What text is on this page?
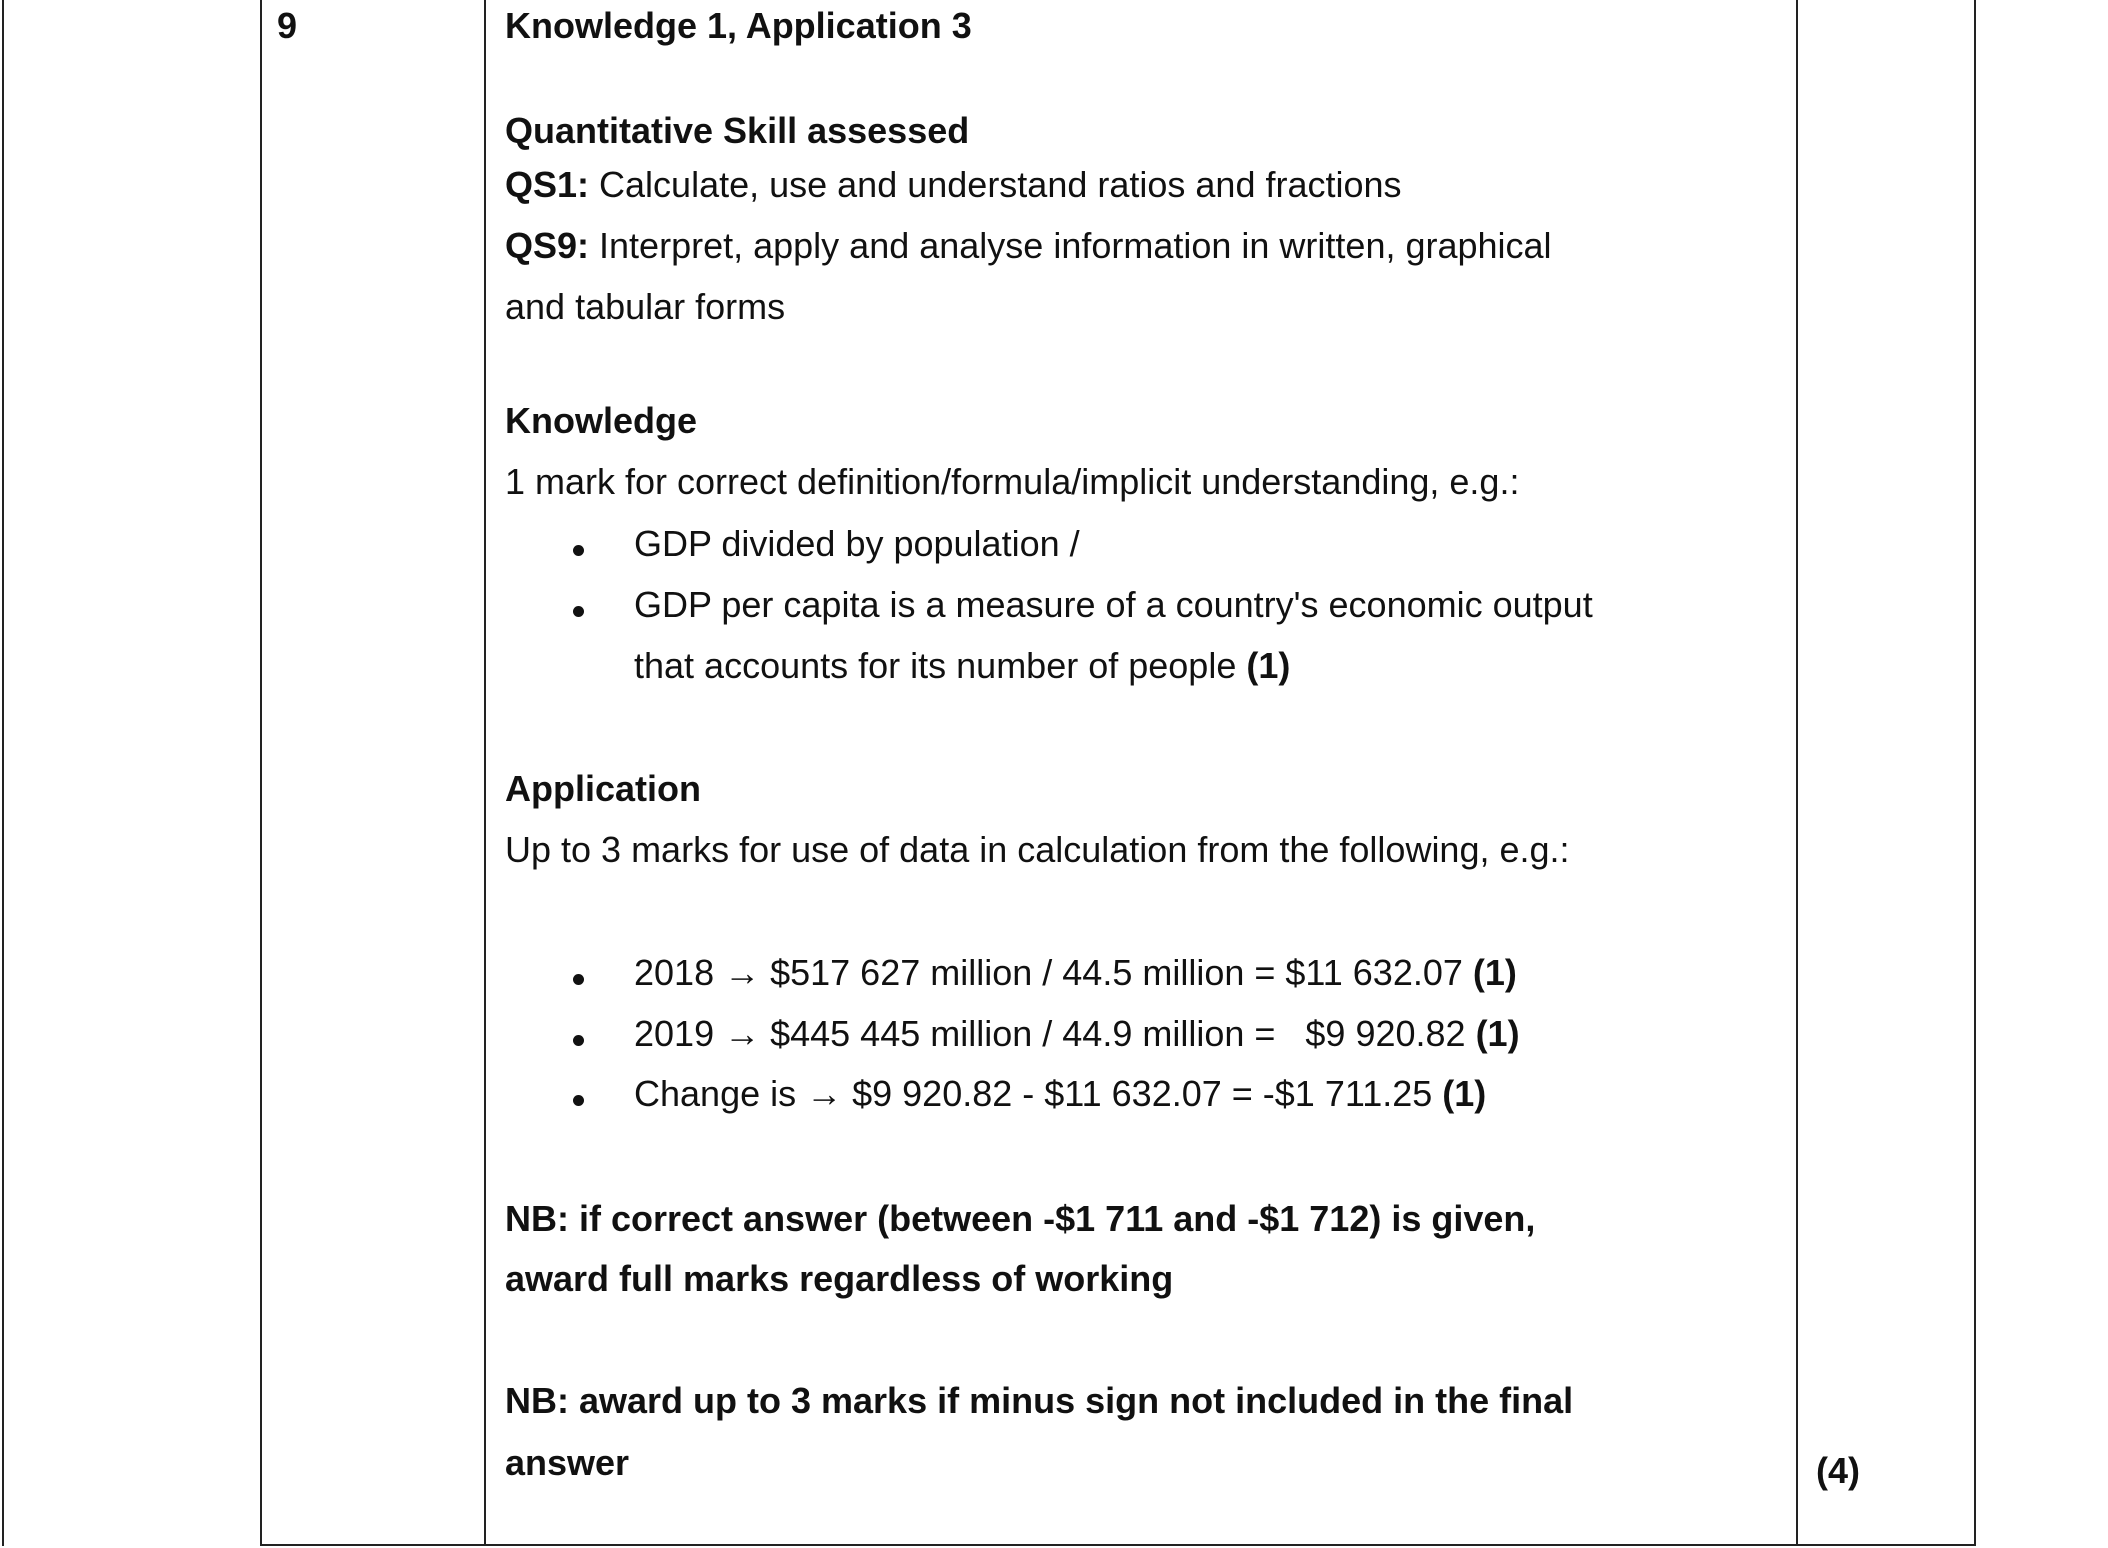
9	Knowledge 1, Application 3
Quantitative Skill assessed
QS1: Calculate, use and understand ratios and fractions
QS9: Interpret, apply and analyse information in written, graphical
and tabular forms
Knowledge
1 mark for correct definition/formula/implicit understanding, e.g.:
GDP divided by population /
GDP per capita is a measure of a country's economic output
that accounts for its number of people (1)
Application
Up to 3 marks for use of data in calculation from the following, e.g.:
2018 → $517 627 million / 44.5 million = $11 632.07 (1)
2019 → $445 445 million / 44.9 million =   $9 920.82 (1)
Change is → $9 920.82 - $11 632.07 = -$1 711.25 (1)
NB: if correct answer (between -$1 711 and -$1 712) is given,
award full marks regardless of working
NB: award up to 3 marks if minus sign not included in the final
answer	(4)
